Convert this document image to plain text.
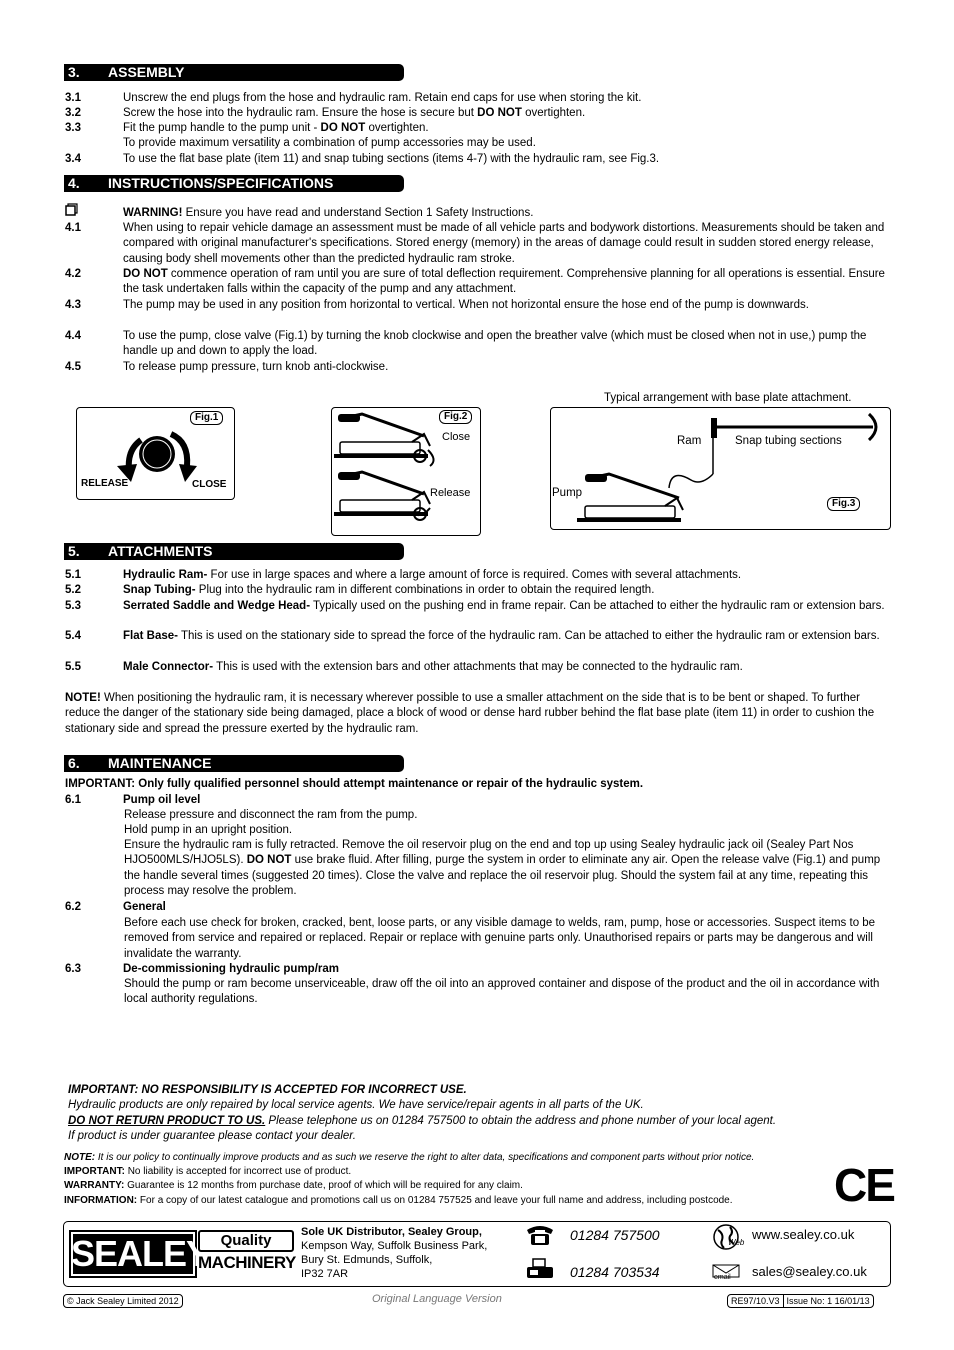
3. ASSEMBLY
3.1	Unscrew the end plugs from the hose and hydraulic ram. Retain end caps for use when storing the kit.
3.2	Screw the hose into the hydraulic ram. Ensure the hose is secure but DO NOT overtighten.
3.3	Fit the pump handle to the pump unit - DO NOT overtighten.
To provide maximum versatility a combination of pump accessories may be used.
3.4	To use the flat base plate (item 11) and snap tubing sections (items 4-7) with the hydraulic ram, see Fig.3.
4. INSTRUCTIONS/SPECIFICATIONS
WARNING! Ensure you have read and understand Section 1 Safety Instructions.
4.1	When using to repair vehicle damage an assessment must be made of all vehicle parts and bodywork distortions. Measurements should be taken and compared with original manufacturer's specifications. Stored energy (memory) in the areas of damage could result in sudden stored energy release, causing body shell movements other than the predicted hydraulic ram stroke.
4.2	DO NOT commence operation of ram until you are sure of total deflection requirement. Comprehensive planning for all operations is essential. Ensure the task undertaken falls within the capacity of the pump and any attachment.
4.3	The pump may be used in any position from horizontal to vertical. When not horizontal ensure the hose end of the pump is downwards.
4.4	To use the pump, close valve (Fig.1) by turning the knob clockwise and open the breather valve (which must be closed when not in use,) pump the handle up and down to apply the load.
4.5	To release pump pressure, turn knob anti-clockwise.
Fig.1
RELEASE	CLOSE
Fig.2
Close
Release
Typical arrangement with base plate attachment.
Ram	Snap tubing sections
Pump
Fig.3
5. ATTACHMENTS
5.1	Hydraulic Ram- For use in large spaces and where a large amount of force is required. Comes with several attachments.
5.2	Snap Tubing- Plug into the hydraulic ram in different combinations in order to obtain the required length.
5.3	Serrated Saddle and Wedge Head- Typically used on the pushing end in frame repair. Can be attached to either the hydraulic ram or extension bars.
5.4	Flat Base- This is used on the stationary side to spread the force of the hydraulic ram. Can be attached to either the hydraulic ram or extension bars.
5.5	Male Connector- This is used with the extension bars and other attachments that may be connected to the hydraulic ram.
NOTE! When positioning the hydraulic ram, it is necessary wherever possible to use a smaller attachment on the side that is to be bent or shaped. To further reduce the danger of the stationary side being damaged, place a block of wood or dense hard rubber behind the flat base plate (item 11) in order to cushion the stationary side and spread the pressure exerted by the hydraulic ram.
6. MAINTENANCE
IMPORTANT: Only fully qualified personnel should attempt maintenance or repair of the hydraulic system.
6.1	Pump oil level
Release pressure and disconnect the ram from the pump.
Hold pump in an upright position.
Ensure the hydraulic ram is fully retracted. Remove the oil reservoir plug on the end and top up using Sealey hydraulic jack oil (Sealey Part Nos HJO500MLS/HJO5LS). DO NOT use brake fluid. After filling, purge the system in order to eliminate any air. Open the release valve (Fig.1) and pump the handle several times (suggested 20 times). Close the valve and replace the oil reservoir plug. Should the system fail at any time, repeating this process may resolve the problem.
6.2	General
Before each use check for broken, cracked, bent, loose parts, or any visible damage to welds, ram, pump, hose or accessories. Suspect items to be removed from service and repaired or replaced. Repair or replace with genuine parts only. Unauthorised repairs or parts may be dangerous and will invalidate the warranty.
6.3	De-commissioning hydraulic pump/ram
Should the pump or ram become unserviceable, draw off the oil into an approved container and dispose of the product and the oil in accordance with local authority regulations.
IMPORTANT: NO RESPONSIBILITY IS ACCEPTED FOR INCORRECT USE.
Hydraulic products are only repaired by local service agents. We have service/repair agents in all parts of the UK.
DO NOT RETURN PRODUCT TO US. Please telephone us on 01284 757500 to obtain the address and phone number of your local agent.
If product is under guarantee please contact your dealer.
NOTE: It is our policy to continually improve products and as such we reserve the right to alter data, specifications and component parts without prior notice.
IMPORTANT: No liability is accepted for incorrect use of product.
WARRANTY: Guarantee is 12 months from purchase date, proof of which will be required for any claim.
INFORMATION: For a copy of our latest catalogue and promotions call us on 01284 757525 and leave your full name and address, including postcode.	CE
SEALEY Quality
MACHINERY
Sole UK Distributor, Sealey Group,
Kempson Way, Suffolk Business Park,
Bury St. Edmunds, Suffolk,
IP32 7AR
01284 757500
01284 703534
Web
www.sealey.co.uk
email sales@sealey.co.uk
© Jack Sealey Limited 2012	Original Language Version	RE97/10.V3 Issue No: 1 16/01/13
